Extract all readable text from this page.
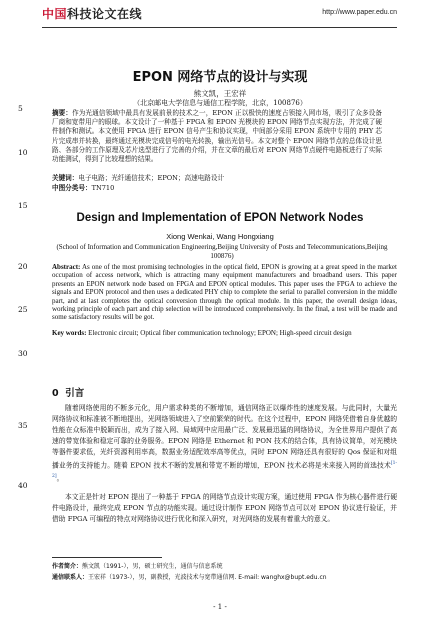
中国科技论文在线	http://www.paper.edu.cn
5
10
15
20
25
30
35
40
EPON 网络节点的设计与实现
熊文凯，王宏祥
（北京邮电大学信息与通信工程学院，北京，100876）
摘要：作为光通信领域中最具有发展前景的技术之一，EPON 正以极快的速度占领接入网市场，吸引了众多设备厂商和宽带用户的眼球。本文设计了一种基于 FPGA 和 EPON 光模块的 EPON 网络节点实现方法，并完成了硬件制作和测试。本文使用 FPGA 进行 EPON 信号产生和协议实现，中间部分采用 EPON 系统中专用的 PHY 芯片完成串并转换，最终通过光模块完成信号的电光转换，输出光信号。本文对整个 EPON 网络节点的总体设计思路、各部分的工作原理及芯片选型进行了完善的介绍，并在文章的最后对 EPON 网络节点硬件电路板进行了实际功能测试，得到了比较理想的结果。
关键词：电子电路；光纤通信技术；EPON；高速电路设计
中图分类号：TN710
Design and Implementation of EPON Network Nodes
Xiong Wenkai, Wang Hongxiang
(School of Information and Communication Engineering,Beijing University of Posts and Telecommunications,Beijing 100876)
Abstract: As one of the most promising technologies in the optical field, EPON is growing at a great speed in the market occupation of access network, which is attracting many equipment manufacturers and broadband users. This paper presents an EPON network node based on FPGA and EPON optical modules. This paper uses the FPGA to achieve the signals and EPON protocol and then uses a dedicated PHY chip to complete the serial to parallel conversion in the middle part, and at last completes the optical conversion through the optical module. In this paper, the overall design ideas, working principle of each part and chip selection will be introduced comprehensively. In the final, a test will be made and some satisfactory results will be got.
Key words: Electronic circuit; Optical fiber communication technology; EPON; High-speed circuit design
0 引言
随着网络使用的不断多元化，用户需求种类的不断增加，通信网络正以爆炸性的速度发展。与此同时，大量光网络协议和标准被不断地提出，光网络领域进入了空前繁荣的时代。在这个过程中，EPON 网络凭借着自身优越的性能在众标准中脱颖而出，成为了接入网、局域网中应用最广泛、发展最迅猛的网络协议，为全世界用户提供了高速的带宽体验和稳定可靠的业务服务。EPON 网络是 Ethernet 和 PON 技术的结合体，具有协议简单，对光模块等器件要求低，光纤资源利用率高，数据业务适配效率高等优点，同时 EPON 网络还具有很好的 Qos 保证和对组播业务的支持能力。随着 EPON 技术不断的发展和带宽不断的增加，EPON 技术必将是未来接入网的首选技术[1-2]。
本文正是针对 EPON 提出了一种基于 FPGA 的网络节点设计实现方案，通过使用 FPGA 作为核心器件进行硬件电路设计，最终完成 EPON 节点的功能实现。通过设计制作 EPON 网络节点可以对 EPON 协议进行验证，并借助 FPGA 可编程的特点对网络协议进行优化和深入研究，对光网络的发展有着重大的意义。
作者简介：熊文凯（1991-），男，硕士研究生，通信与信息系统
通信联系人：王宏祥（1973-），男，副教授，光波技术与宽带通信网. E-mail: wanghx@bupt.edu.cn
- 1 -
